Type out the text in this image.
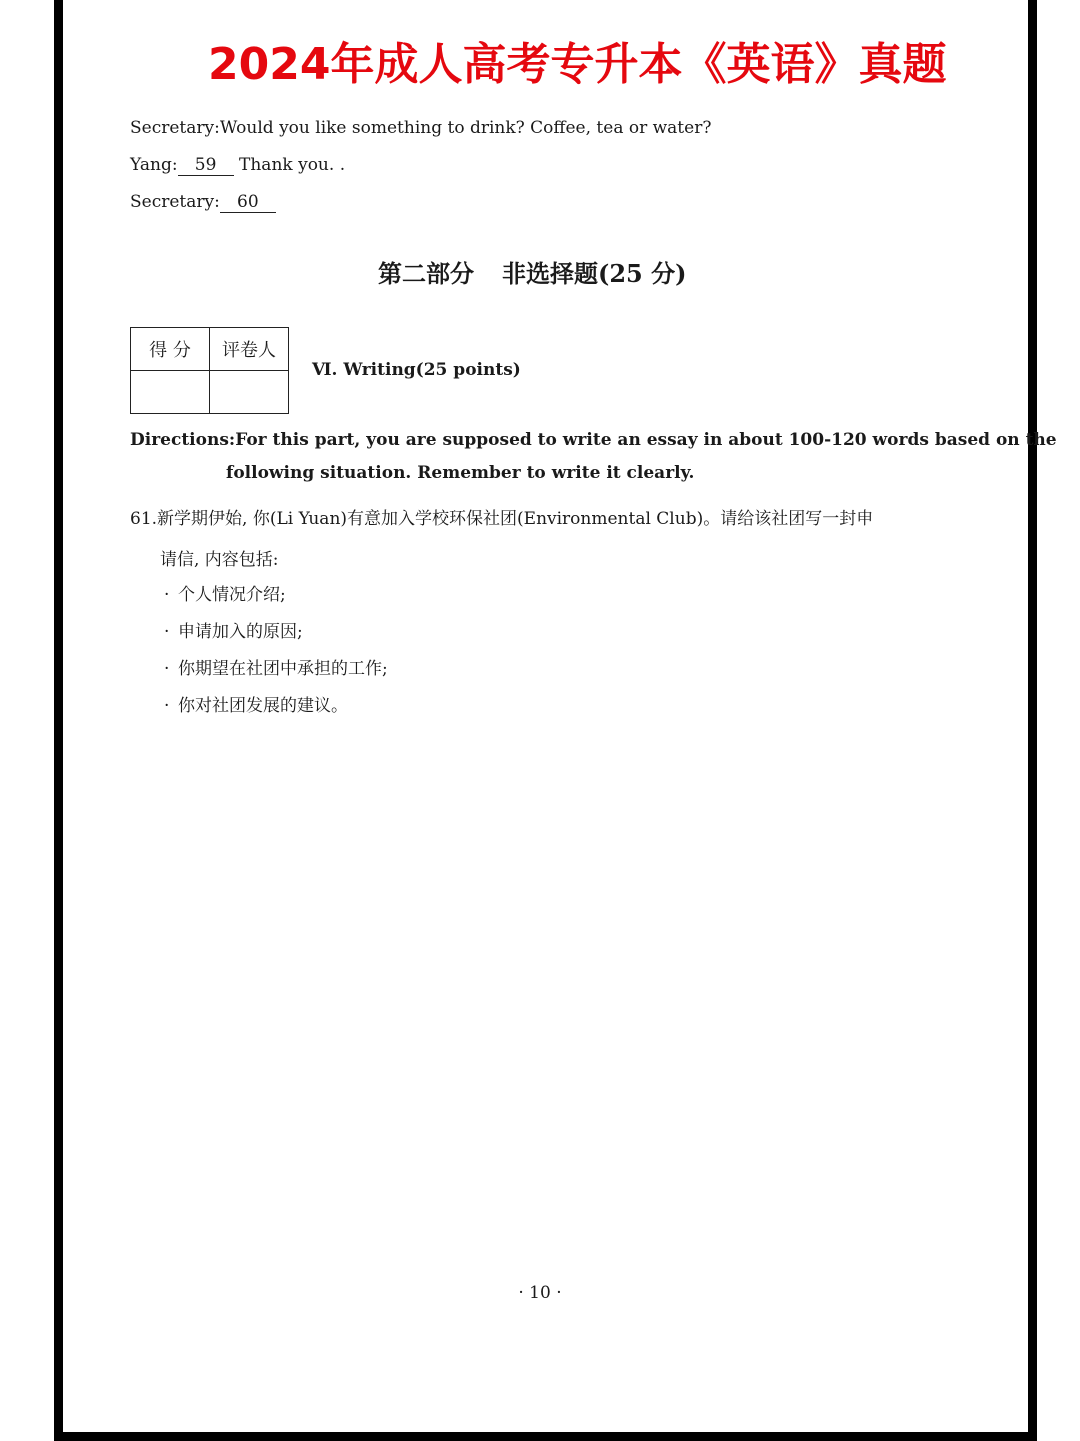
2024年成人高考专升本《英语》真题
Secretary:Would you like something to drink? Coffee, tea or water?
Yang: 59 Thank you. .
Secretary: 60
第二部分 非选择题(25 分)
得 分	评卷人

Ⅵ. Writing(25 points)
Directions:For this part, you are supposed to write an essay in about 100-120 words based on the
following situation. Remember to write it clearly.
61.新学期伊始, 你(Li Yuan)有意加入学校环保社团(Environmental Club)。请给该社团写一封申
请信, 内容包括:
· 个人情况介绍;
· 申请加入的原因;
· 你期望在社团中承担的工作;
· 你对社团发展的建议。
· 10 ·
